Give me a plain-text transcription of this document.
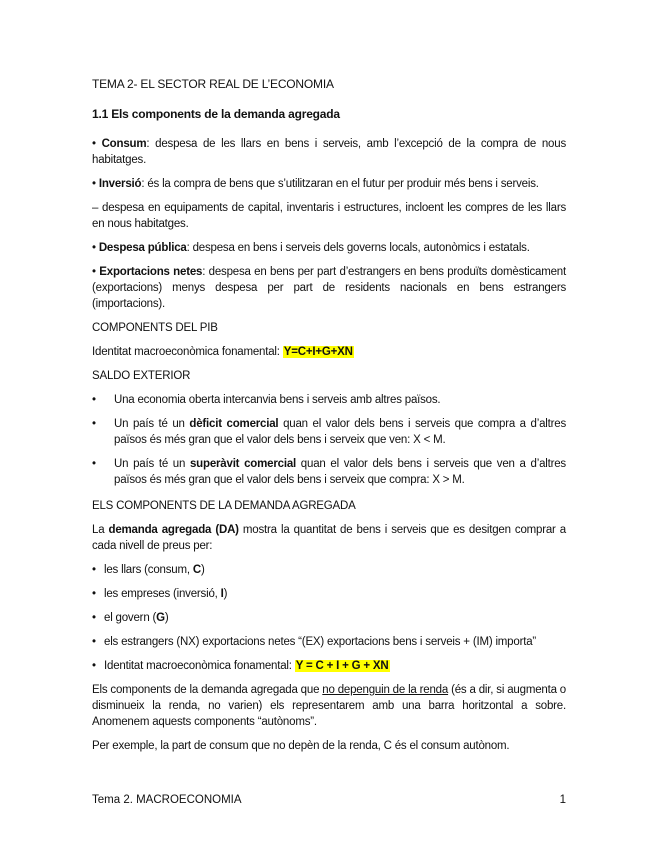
TEMA 2- EL SECTOR REAL DE L’ECONOMIA

1.1 Els components de la demanda agregada

• Consum: despesa de les llars en bens i serveis, amb l’excepció de la compra de nous habitatges.

• Inversió: és la compra de bens que s’utilitzaran en el futur per produir més bens i serveis.

– despesa en equipaments de capital, inventaris i estructures, incloent les compres de les llars en nous habitatges.

• Despesa pública: despesa en bens i serveis dels governs locals, autonòmics i estatals.

• Exportacions netes: despesa en bens per part d’estrangers en bens produïts domèsticament (exportacions) menys despesa per part de residents nacionals en bens estrangers (importacions).

COMPONENTS DEL PIB

Identitat macroeconòmica fonamental: Y=C+I+G+XN

SALDO EXTERIOR

• Una economia oberta intercanvia bens i serveis amb altres països.
• Un país té un dèficit comercial quan el valor dels bens i serveis que compra a d’altres països és més gran que el valor dels bens i serveix que ven: X < M.
• Un país té un superàvit comercial quan el valor dels bens i serveis que ven a d’altres països és més gran que el valor dels bens i serveix que compra: X > M.

ELS COMPONENTS DE LA DEMANDA AGREGADA

La demanda agregada (DA) mostra la quantitat de bens i serveis que es desitgen comprar a cada nivell de preus per:

• les llars (consum, C)
• les empreses (inversió, I)
• el govern (G)
• els estrangers (NX) exportacions netes “(EX) exportacions bens i serveis + (IM) importa”
• Identitat macroeconòmica fonamental: Y = C + I + G + XN

Els components de la demanda agregada que no depenguin de la renda (és a dir, si augmenta o disminueix la renda, no varien) els representarem amb una barra horitzontal a sobre. Anomenem aquests components “autònoms”.

Per exemple, la part de consum que no depèn de la renda, C és el consum autònom.

Tema 2. MACROECONOMIA	1
